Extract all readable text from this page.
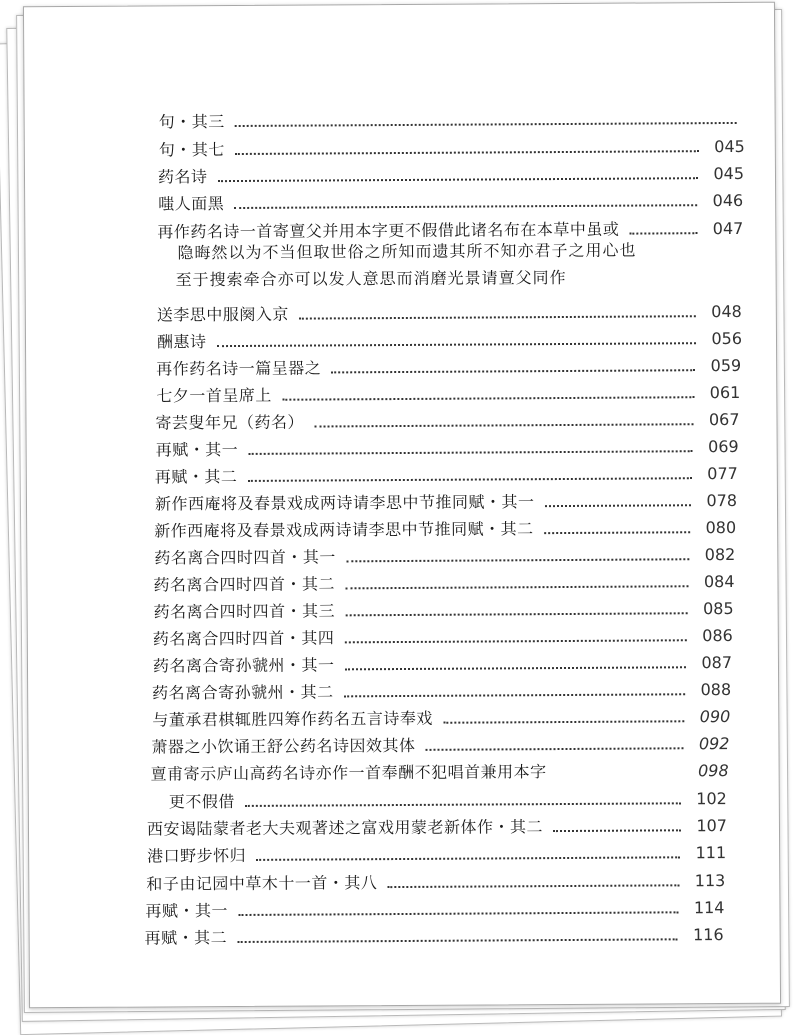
句・其三
句・其七	045
药名诗	045
嗤人面黑	046
再作药名诗一首寄亶父并用本字更不假借此诸名布在本草中虽或	047
隐晦然以为不当但取世俗之所知而遗其所不知亦君子之用心也
至于搜索牵合亦可以发人意思而消磨光景请亶父同作
送李思中服阕入京	048
酬惠诗	056
再作药名诗一篇呈器之	059
七夕一首呈席上	061
寄芸叟年兄（药名）	067
再赋・其一	069
再赋・其二	077
新作西庵将及春景戏成两诗请李思中节推同赋・其一	078
新作西庵将及春景戏成两诗请李思中节推同赋・其二	080
药名离合四时四首・其一	082
药名离合四时四首・其二	084
药名离合四时四首・其三	085
药名离合四时四首・其四	086
药名离合寄孙虢州・其一	087
药名离合寄孙虢州・其二	088
与董承君棋辄胜四筹作药名五言诗奉戏	090
萧器之小饮诵王舒公药名诗因效其体	092
亶甫寄示庐山高药名诗亦作一首奉酬不犯唱首兼用本字	098
更不假借	102
西安谒陆蒙者老大夫观著述之富戏用蒙老新体作・其二	107
港口野步怀归	111
和子由记园中草木十一首・其八	113
再赋・其一	114
再赋・其二	116
